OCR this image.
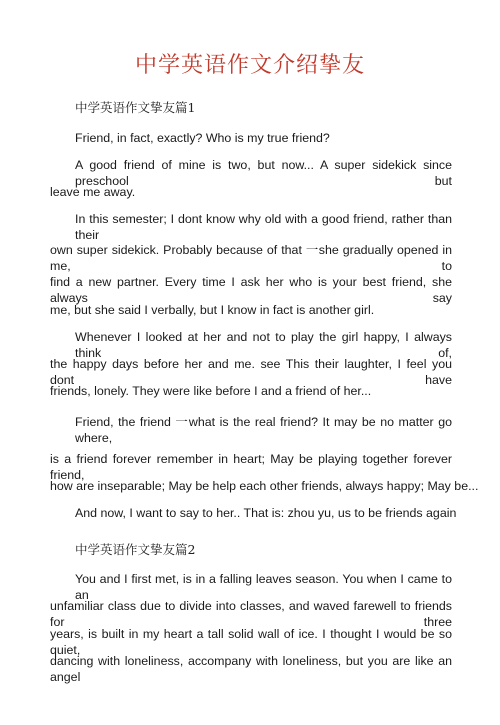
中学英语作文介绍挚友
中学英语作文挚友篇1
Friend, in fact, exactly? Who is my true friend?
A good friend of mine is two, but now... A super sidekick since preschool but
leave me away.
In this semester; I dont know why old with a good friend, rather than their
own super sidekick. Probably because of that 一she gradually opened in me, to
find a new partner. Every time I ask her who is your best friend, she always say
me, but she said I verbally, but I know in fact is another girl.
Whenever I looked at her and not to play the girl happy, I always think of,
the happy days before her and me. see This their laughter, I feel you dont have
friends, lonely. They were like before I and a friend of her...
Friend, the friend 一what is the real friend? It may be no matter go where,
is a friend forever remember in heart; May be playing together forever friend,
how are inseparable; May be help each other friends, always happy; May be...
And now, I want to say to her.. That is: zhou yu, us to be friends again
中学英语作文挚友篇2
You and I first met, is in a falling leaves season. You when I came to an
unfamiliar class due to divide into classes, and waved farewell to friends for three
years, is built in my heart a tall solid wall of ice. I thought I would be so quiet,
dancing with loneliness, accompany with loneliness, but you are like an angel
